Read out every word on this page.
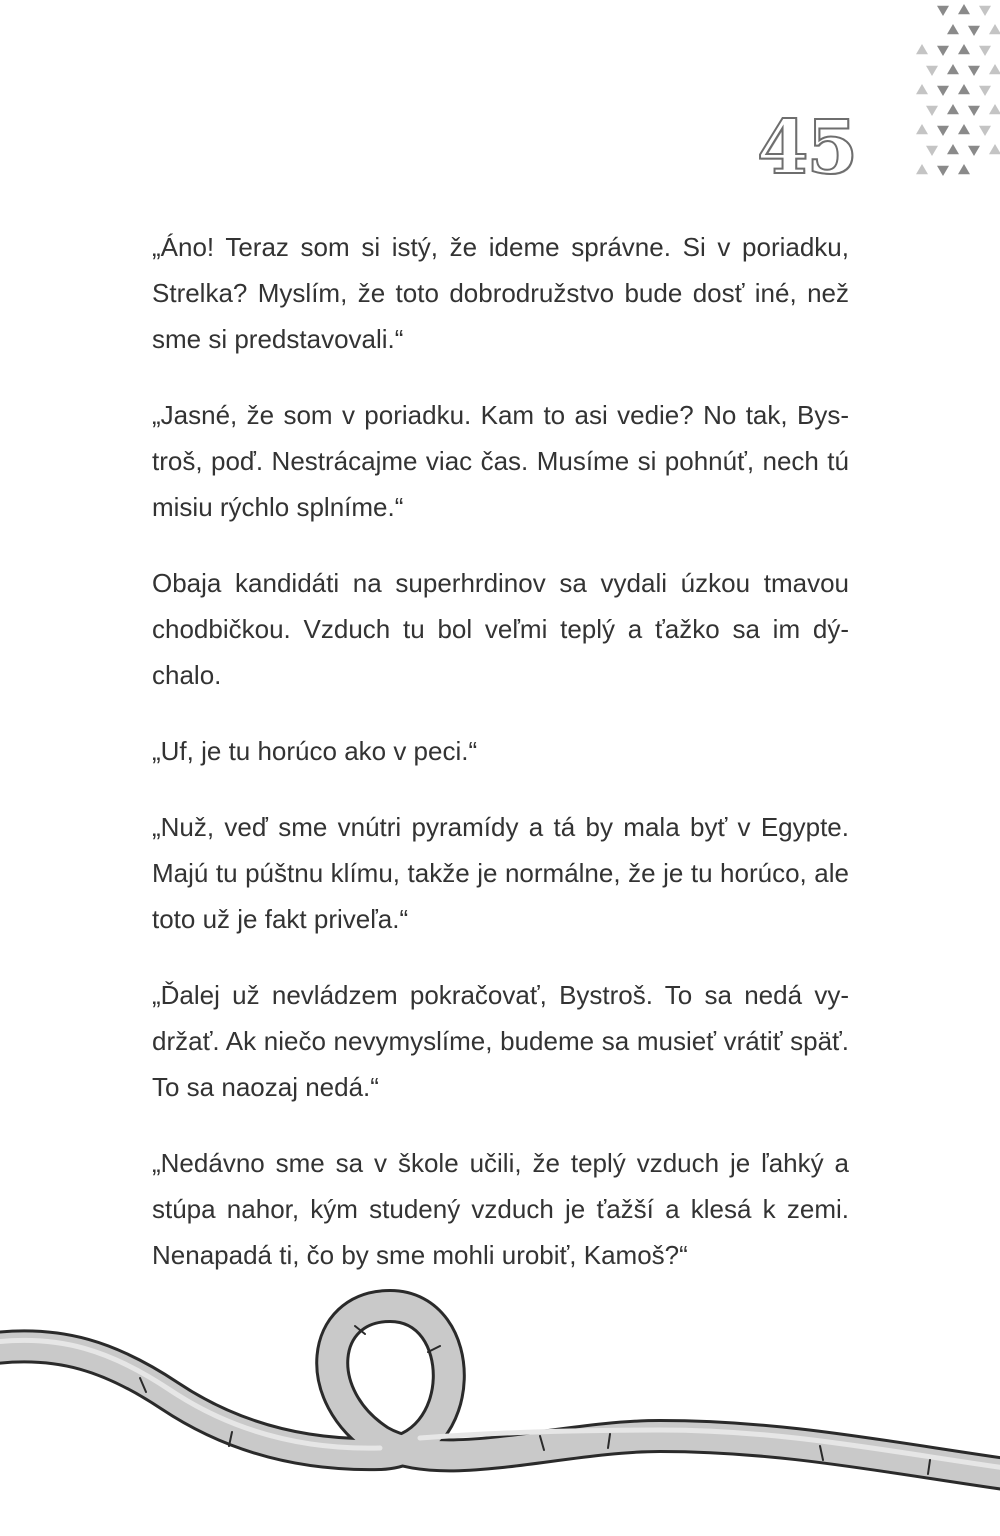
45

„Áno! Teraz som si istý, že ideme správne. Si v poriadku, Strelka? Myslím, že toto dobrodružstvo bude dosť iné, než sme si predstavovali.“

„Jasné, že som v poriadku. Kam to asi vedie? No tak, Bystroš, poď. Nestrácajme viac čas. Musíme si pohnúť, nech tú misiu rýchlo splníme.“

Obaja kandidáti na superhrdinov sa vydali úzkou tmavou chodbičkou. Vzduch tu bol veľmi teplý a ťažko sa im dýchalo.

„Uf, je tu horúco ako v peci.“

„Nuž, veď sme vnútri pyramídy a tá by mala byť v Egypte. Majú tu púštnu klímu, takže je normálne, že je tu horúco, ale toto už je fakt priveľa.“

„Ďalej už nevládzem pokračovať, Bystroš. To sa nedá vydržať. Ak niečo nevymyslíme, budeme sa musieť vrátiť späť. To sa naozaj nedá.“

„Nedávno sme sa v škole učili, že teplý vzduch je ľahký a stúpa nahor, kým studený vzduch je ťažší a klesá k zemi. Nenapadá ti, čo by sme mohli urobiť, Kamoš?“
